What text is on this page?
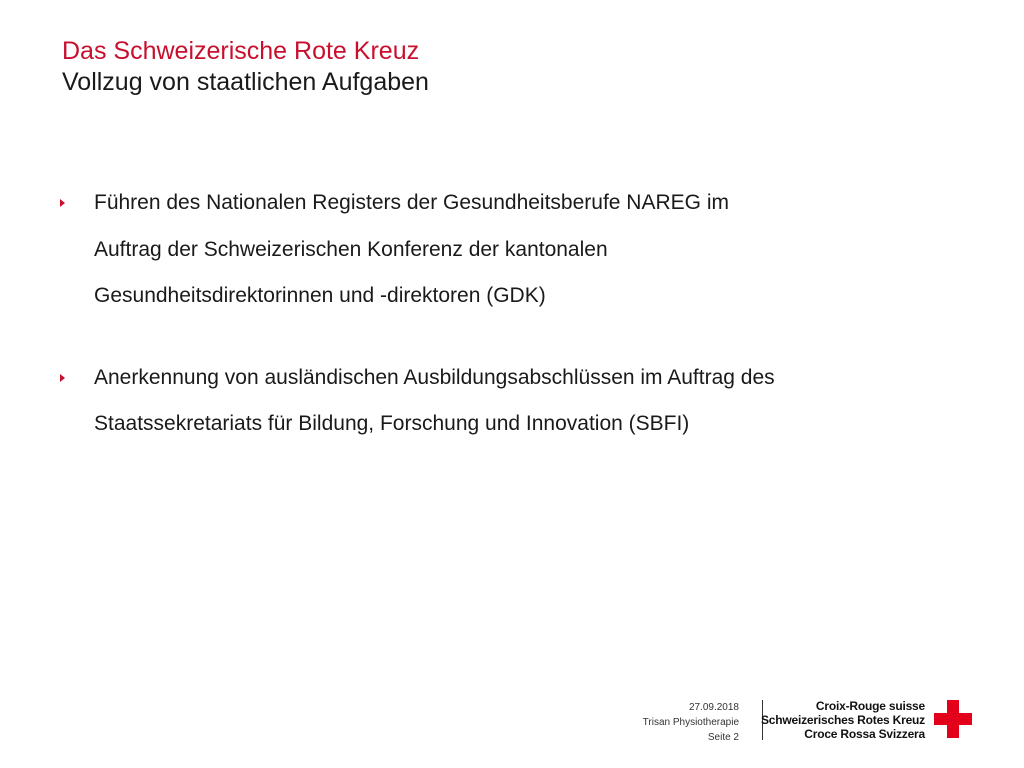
Das Schweizerische Rote Kreuz
Vollzug von staatlichen Aufgaben
Führen des Nationalen Registers der Gesundheitsberufe NAREG im
Auftrag der Schweizerischen Konferenz der kantonalen
Gesundheitsdirektorinnen und -direktoren (GDK)
Anerkennung von ausländischen Ausbildungsabschlüssen im Auftrag des
Staatssekretariats für Bildung, Forschung und Innovation (SBFI)
27.09.2018
Trisan Physiotherapie
Seite 2
Croix-Rouge suisse
Schweizerisches Rotes Kreuz
Croce Rossa Svizzera
